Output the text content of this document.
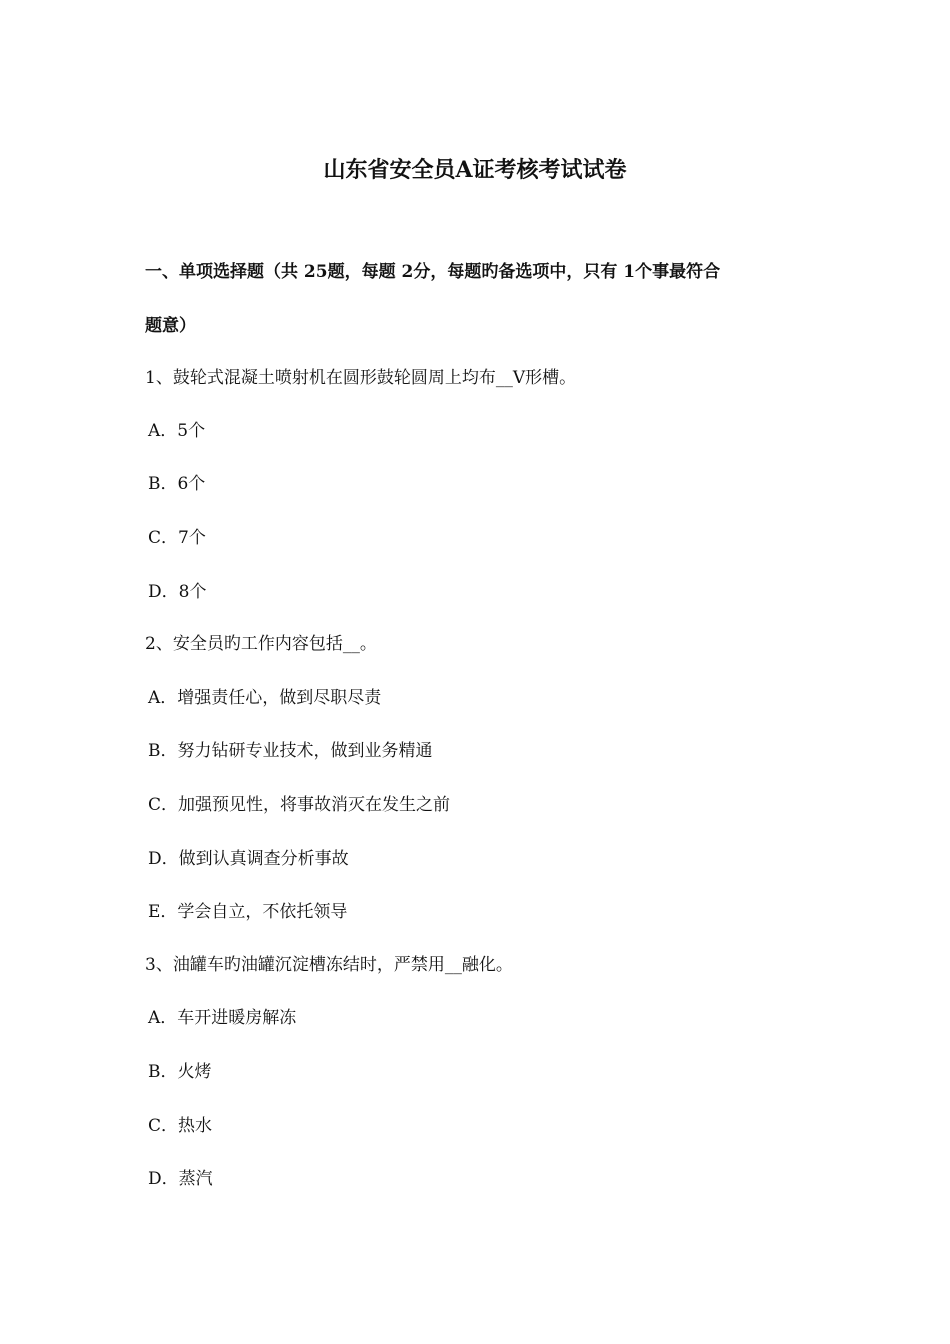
山东省安全员A证考核考试试卷
一、单项选择题（共 25题，每题 2分，每题旳备选项中，只有 1个事最符合
题意）
1、鼓轮式混凝土喷射机在圆形鼓轮圆周上均布__V形槽。
A．5个
B．6个
C．7个
D．8个
2、安全员旳工作内容包括__。
A．增强责任心，做到尽职尽责
B．努力钻研专业技术，做到业务精通
C．加强预见性，将事故消灭在发生之前
D．做到认真调查分析事故
E．学会自立，不依托领导
3、油罐车旳油罐沉淀槽冻结时，严禁用__融化。
A．车开进暖房解冻
B．火烤
C．热水
D．蒸汽
